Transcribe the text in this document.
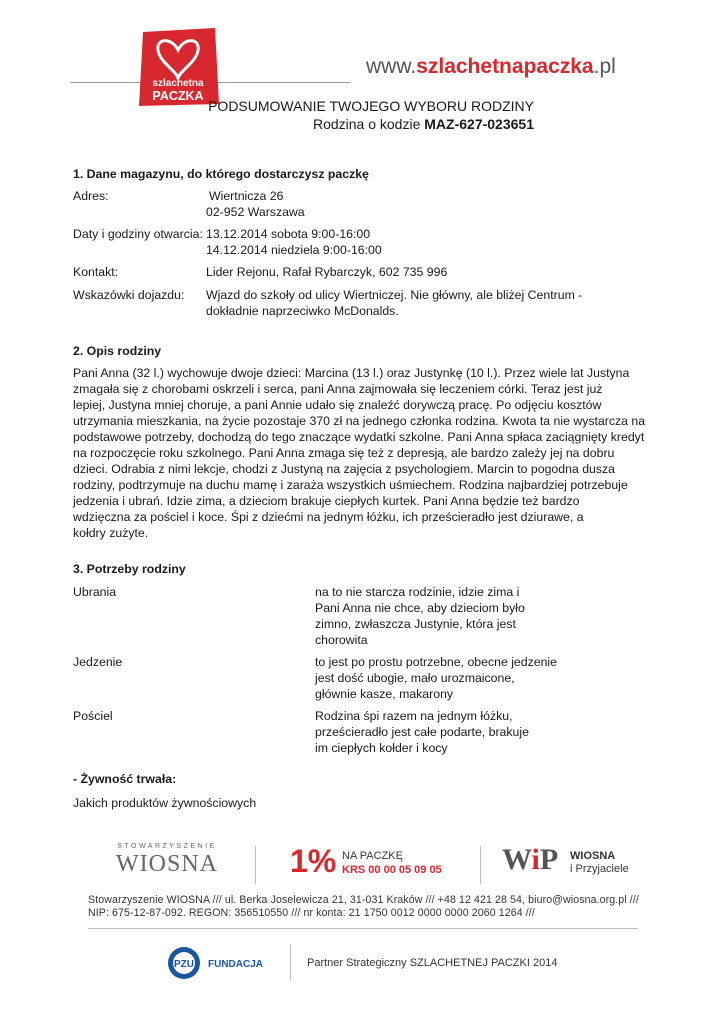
szlachetna
PACZKA
www.szlachetnapaczka.pl
PODSUMOWANIE TWOJEGO WYBORU RODZINY
Rodzina o kodzie MAZ-627-023651
1. Dane magazynu, do którego dostarczysz paczkę
Adres:	Wiertnicza 26
02-952 Warszawa
Daty i godziny otwarcia: 13.12.2014 sobota 9:00-16:00
14.12.2014 niedziela 9:00-16:00
Kontakt:	Lider Rejonu, Rafał Rybarczyk, 602 735 996
Wskazówki dojazdu: Wjazd do szkoły od ulicy Wiertniczej. Nie główny, ale bliżej Centrum -
dokładnie naprzeciwko McDonalds.
2. Opis rodziny
Pani Anna (32 l.) wychowuje dwoje dzieci: Marcina (13 l.) oraz Justynkę (10 l.). Przez wiele lat Justyna
zmagała się z chorobami oskrzeli i serca, pani Anna zajmowała się leczeniem córki. Teraz jest już
lepiej, Justyna mniej choruje, a pani Annie udało się znaleźć dorywczą pracę. Po odjęciu kosztów
utrzymania mieszkania, na życie pozostaje 370 zł na jednego członka rodzina. Kwota ta nie wystarcza na
podstawowe potrzeby, dochodzą do tego znaczące wydatki szkolne. Pani Anna spłaca zaciągnięty kredyt
na rozpoczęcie roku szkolnego. Pani Anna zmaga się też z depresją, ale bardzo zależy jej na dobru
dzieci. Odrabia z nimi lekcje, chodzi z Justyną na zajęcia z psychologiem. Marcin to pogodna dusza
rodziny, podtrzymuje na duchu mamę i zaraża wszystkich uśmiechem. Rodzina najbardziej potrzebuje
jedzenia i ubrań. Idzie zima, a dzieciom brakuje ciepłych kurtek. Pani Anna będzie też bardzo
wdzięczna za pościel i koce. Śpi z dziećmi na jednym łóżku, ich prześcieradło jest dziurawe, a
kołdry zużyte.
3. Potrzeby rodziny
Ubrania	na to nie starcza rodzinie, idzie zima i
Pani Anna nie chce, aby dzieciom było
zimno, zwłaszcza Justynie, która jest
chorowita
Jedzenie	to jest po prostu potrzebne, obecne jedzenie
jest dość ubogie, mało urozmaicone,
głównie kasze, makarony
Pościel	Rodzina śpi razem na jednym łóżku,
prześcieradło jest całe podarte, brakuje
im ciepłych kołder i kocy
- Żywność trwała:
Jakich produktów żywnościowych
STOWARZYSZENIE
WIOSNA 1% NA PACZKĘ
KRS 00 00 05 09 05 WiP WIOSNA
i Przyjaciele
Stowarzyszenie WIOSNA /// ul. Berka Joselewicza 21, 31-031 Kraków /// +48 12 421 28 54, biuro@wiosna.org.pl ///
NIP: 675-12-87-092. REGON: 356510550 /// nr konta: 21 1750 0012 0000 0000 2060 1264 ///
PZU FUNDACJA	Partner Strategiczny SZLACHETNEJ PACZKI 2014
